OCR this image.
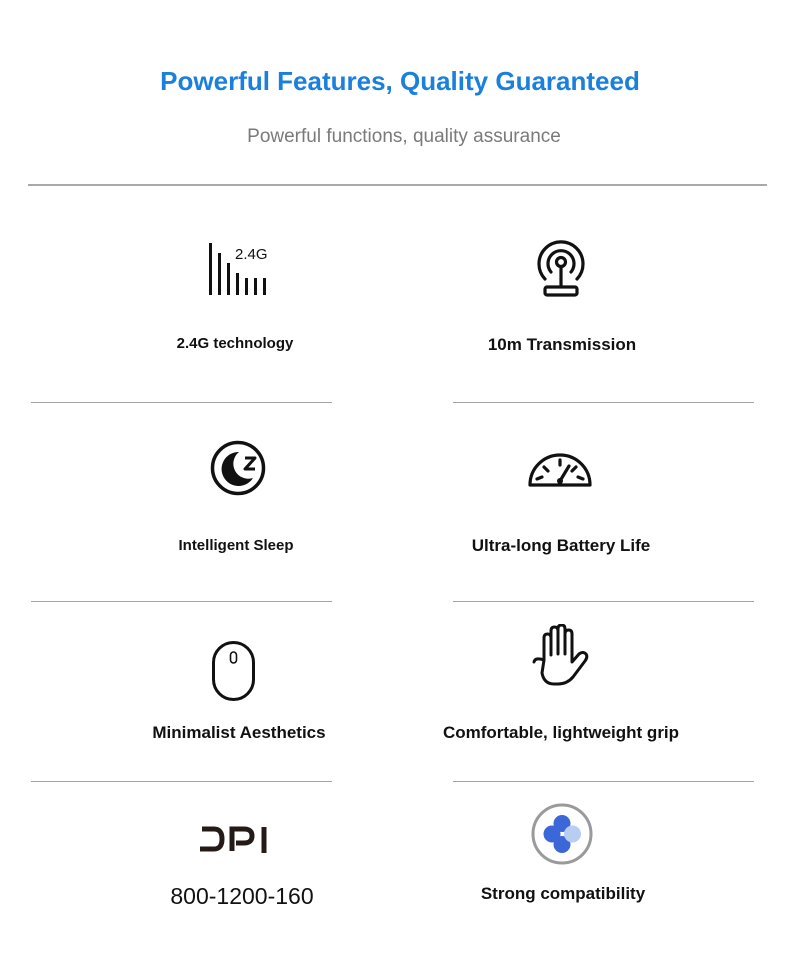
Powerful Features, Quality Guaranteed
Powerful functions, quality assurance
2.4G
2.4G technology	10m Transmission
Intelligent Sleep	Ultra-long Battery Life
Minimalist Aesthetics	Comfortable, lightweight grip
800-1200-160	Strong compatibility
